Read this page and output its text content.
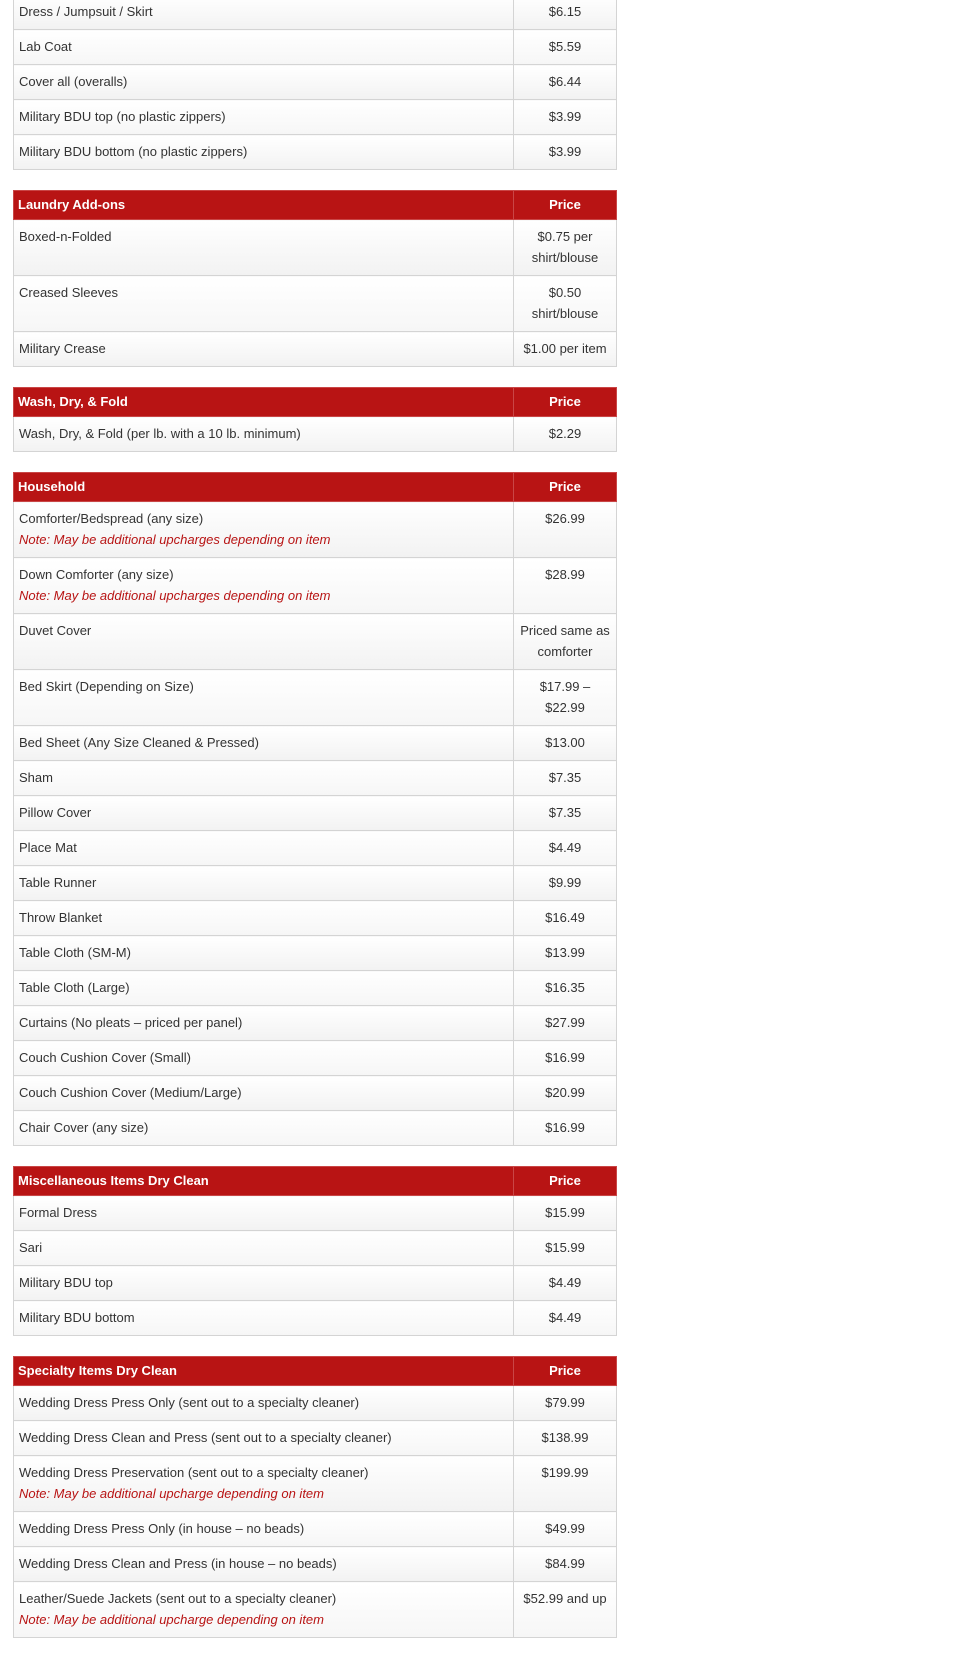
Dress / Jumpsuit / Skirt	$6.15
Lab Coat	$5.59
Cover all (overalls)	$6.44
Military BDU top (no plastic zippers)	$3.99
Military BDU bottom (no plastic zippers)	$3.99
Laundry Add-ons	Price
Boxed-n-Folded	$0.75 per shirt/blouse
Creased Sleeves	$0.50 shirt/blouse
Military Crease	$1.00 per item
Wash, Dry, & Fold	Price
Wash, Dry, & Fold (per lb. with a 10 lb. minimum)	$2.29
Household	Price
Comforter/Bedspread (any size)
Note: May be additional upcharges depending on item	$26.99
Down Comforter (any size)
Note: May be additional upcharges depending on item	$28.99
Duvet Cover	Priced same as comforter
Bed Skirt (Depending on Size)	$17.99 – $22.99
Bed Sheet (Any Size Cleaned & Pressed)	$13.00
Sham	$7.35
Pillow Cover	$7.35
Place Mat	$4.49
Table Runner	$9.99
Throw Blanket	$16.49
Table Cloth (SM-M)	$13.99
Table Cloth (Large)	$16.35
Curtains (No pleats – priced per panel)	$27.99
Couch Cushion Cover (Small)	$16.99
Couch Cushion Cover (Medium/Large)	$20.99
Chair Cover (any size)	$16.99
Miscellaneous Items Dry Clean	Price
Formal Dress	$15.99
Sari	$15.99
Military BDU top	$4.49
Military BDU bottom	$4.49
Specialty Items Dry Clean	Price
Wedding Dress Press Only (sent out to a specialty cleaner)	$79.99
Wedding Dress Clean and Press (sent out to a specialty cleaner)	$138.99
Wedding Dress Preservation (sent out to a specialty cleaner)
Note: May be additional upcharge depending on item	$199.99
Wedding Dress Press Only (in house – no beads)	$49.99
Wedding Dress Clean and Press (in house – no beads)	$84.99
Leather/Suede Jackets (sent out to a specialty cleaner)
Note: May be additional upcharge depending on item	$52.99 and up
